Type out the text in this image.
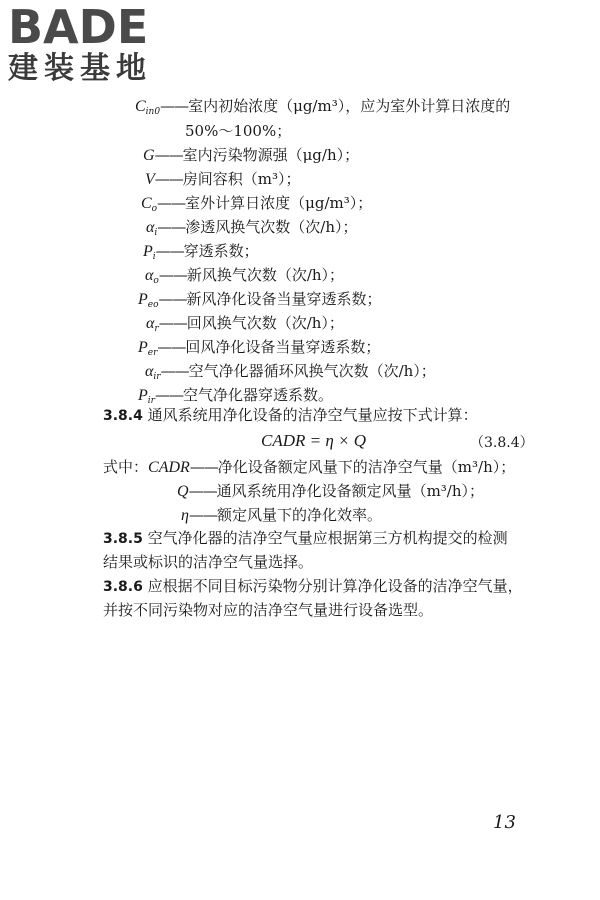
BADE
建装基地
$C_{in0}——$室内初始浓度（μg/m³），应为室外计算日浓度的
50%～100%；
G——室内污染物源强（μg/h）；
V——房间容积（m³）；
$C_o——$室外计算日浓度（μg/m³）；
$\alpha_i——$渗透风换气次数（次/h）；
$P_i——$穿透系数；
$\alpha_o——$新风换气次数（次/h）；
$P_{eo}——$新风净化设备当量穿透系数；
$\alpha_r——$回风换气次数（次/h）；
$P_{er}——$回风净化设备当量穿透系数；
$\alpha_{ir}——$空气净化器循环风换气次数（次/h）；
$P_{ir}——$空气净化器穿透系数。
3.8.4 通风系统用净化设备的洁净空气量应按下式计算：
CADR = η × Q	（3.8.4）
式中：CADR——净化设备额定风量下的洁净空气量（m³/h）；
Q——通风系统用净化设备额定风量（m³/h）；
η——额定风量下的净化效率。
3.8.5 空气净化器的洁净空气量应根据第三方机构提交的检测
结果或标识的洁净空气量选择。
3.8.6 应根据不同目标污染物分别计算净化设备的洁净空气量，
并按不同污染物对应的洁净空气量进行设备选型。
13
